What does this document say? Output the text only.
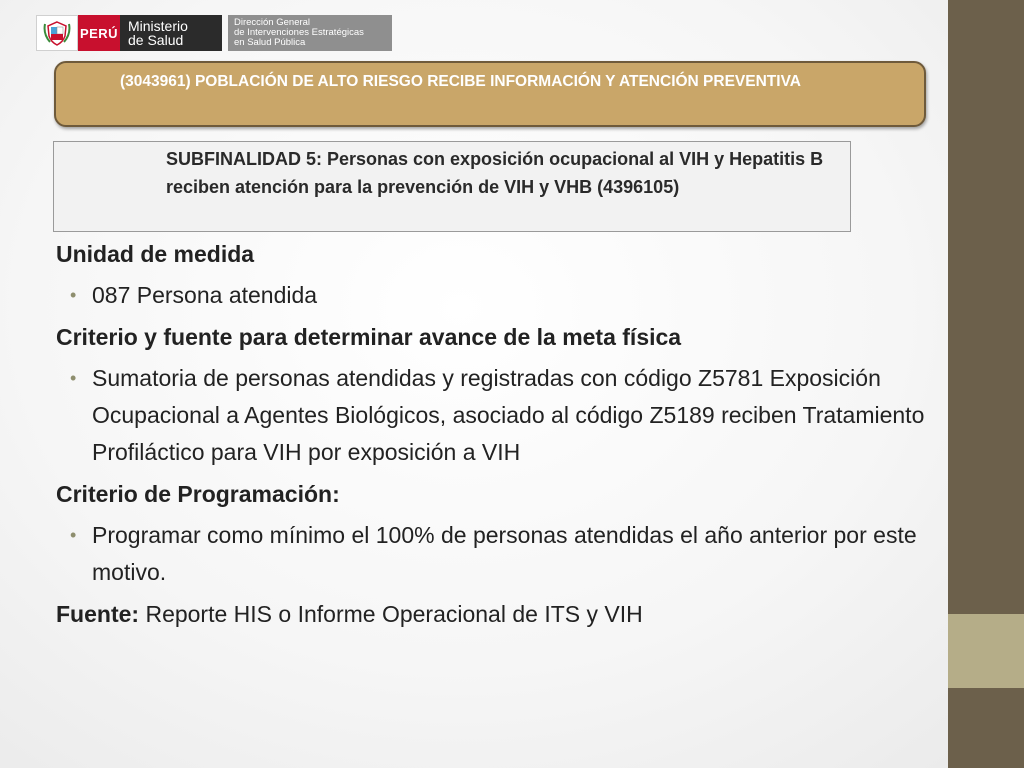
PERÚ Ministerio
de Salud
Dirección General
de Intervenciones Estratégicas
en Salud Pública
(3043961) POBLACIÓN DE ALTO RIESGO RECIBE INFORMACIÓN Y ATENCIÓN PREVENTIVA
SUBFINALIDAD 5: Personas con exposición ocupacional al VIH y Hepatitis B reciben atención para la prevención de VIH y VHB (4396105)

Unidad de medida

• 087 Persona atendida

Criterio y fuente para determinar avance de la meta física

• Sumatoria de personas atendidas y registradas con código Z5781 Exposición Ocupacional a Agentes Biológicos, asociado al código Z5189 reciben Tratamiento Profiláctico para VIH por exposición a VIH

Criterio de Programación:

• Programar como mínimo el 100% de personas atendidas el año anterior por este motivo.

Fuente: Reporte HIS o Informe Operacional de ITS y VIH
